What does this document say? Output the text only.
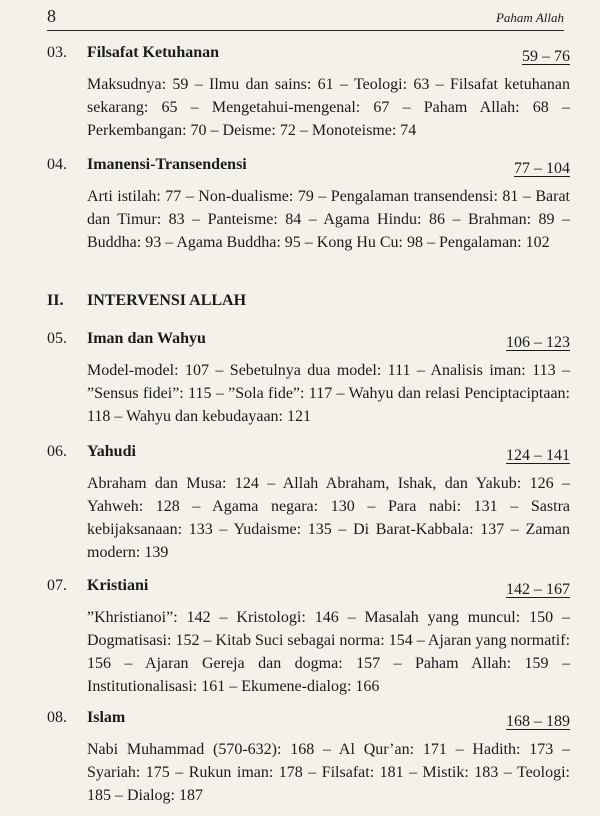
8	Paham Allah
03. Filsafat Ketuhanan	59 – 76
Maksudnya: 59 – Ilmu dan sains: 61 – Teologi: 63 – Filsafat ketuhanan sekarang: 65 – Mengetahui-mengenal: 67 – Paham Allah: 68 – Perkembangan: 70 – Deisme: 72 – Monoteisme: 74
04. Imanensi-Transendensi	77 – 104
Arti istilah: 77 – Non-dualisme: 79 – Pengalaman transendensi: 81 – Barat dan Timur: 83 – Panteisme: 84 – Agama Hindu: 86 – Brahman: 89 – Buddha: 93 – Agama Buddha: 95 – Kong Hu Cu: 98 – Pengalaman: 102
II. INTERVENSI ALLAH
05. Iman dan Wahyu	106 – 123
Model-model: 107 – Sebetulnya dua model: 111 – Analisis iman: 113 – ”Sensus fidei”: 115 – ”Sola fide”: 117 – Wahyu dan relasi Penciptaciptaan: 118 – Wahyu dan kebudayaan: 121
06. Yahudi	124 – 141
Abraham dan Musa: 124 – Allah Abraham, Ishak, dan Yakub: 126 – Yahweh: 128 – Agama negara: 130 – Para nabi: 131 – Sastra kebijaksanaan: 133 – Yudaisme: 135 – Di Barat-Kabbala: 137 – Zaman modern: 139
07. Kristiani	142 – 167
”Khristianoi”: 142 – Kristologi: 146 – Masalah yang muncul: 150 – Dogmatisasi: 152 – Kitab Suci sebagai norma: 154 – Ajaran yang normatif: 156 – Ajaran Gereja dan dogma: 157 – Paham Allah: 159 – Institutionalisasi: 161 – Ekumene-dialog: 166
08. Islam	168 – 189
Nabi Muhammad (570-632): 168 – Al Qur’an: 171 – Hadith: 173 – Syariah: 175 – Rukun iman: 178 – Filsafat: 181 – Mistik: 183 – Teologi: 185 – Dialog: 187
